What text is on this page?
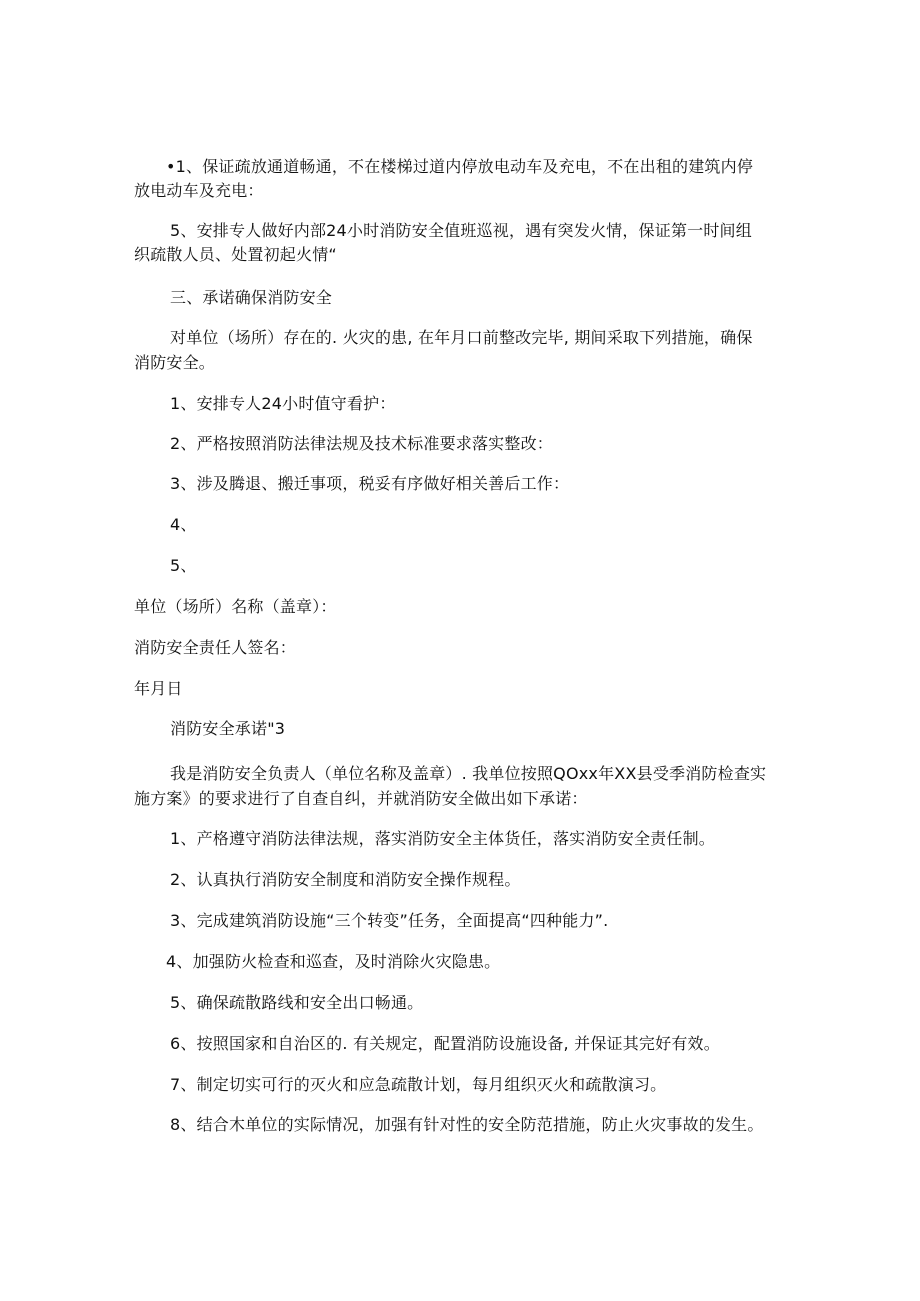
•1、保证疏放通道畅通，不在楼梯过道内停放电动车及充电，不在出租的建筑内停
放电动车及充电：
5、安排专人做好内部24小时消防安全值班巡视，遇有突发火情，保证第一时间组
织疏散人员、处置初起火情“
三、承诺确保消防安全
对单位（场所）存在的. 火灾的患, 在年月口前整改完毕, 期间采取下列措施，确保
消防安全。
1、安排专人24小时值守看护：
2、严格按照消防法律法规及技术标准要求落实整改：
3、涉及腾退、搬迁事项，税妥有序做好相关善后工作：
4、
5、
单位（场所）名称（盖章）：
消防安全责任人签名：
年月日
消防安全承诺"3
我是消防安全负责人（单位名称及盖章）. 我单位按照QOxx年XX县受季消防检查实
施方案》的要求进行了自查自纠，并就消防安全做出如下承诺：
1、产格遵守消防法律法规，落实消防安全主体货任，落实消防安全责任制。
2、认真执行消防安全制度和消防安全操作规程。
3、完成建筑消防设施“三个转变”任务，全面提高“四种能力”.
4、加强防火检查和巡查，及时消除火灾隐患。
5、确保疏散路线和安全出口畅通。
6、按照国家和自治区的. 有关规定，配置消防设施设备, 并保证其完好有效。
7、制定切实可行的灭火和应急疏散计划，每月组织灭火和疏散演习。
8、结合木单位的实际情况，加强有针对性的安全防范措施，防止火灾事故的发生。
